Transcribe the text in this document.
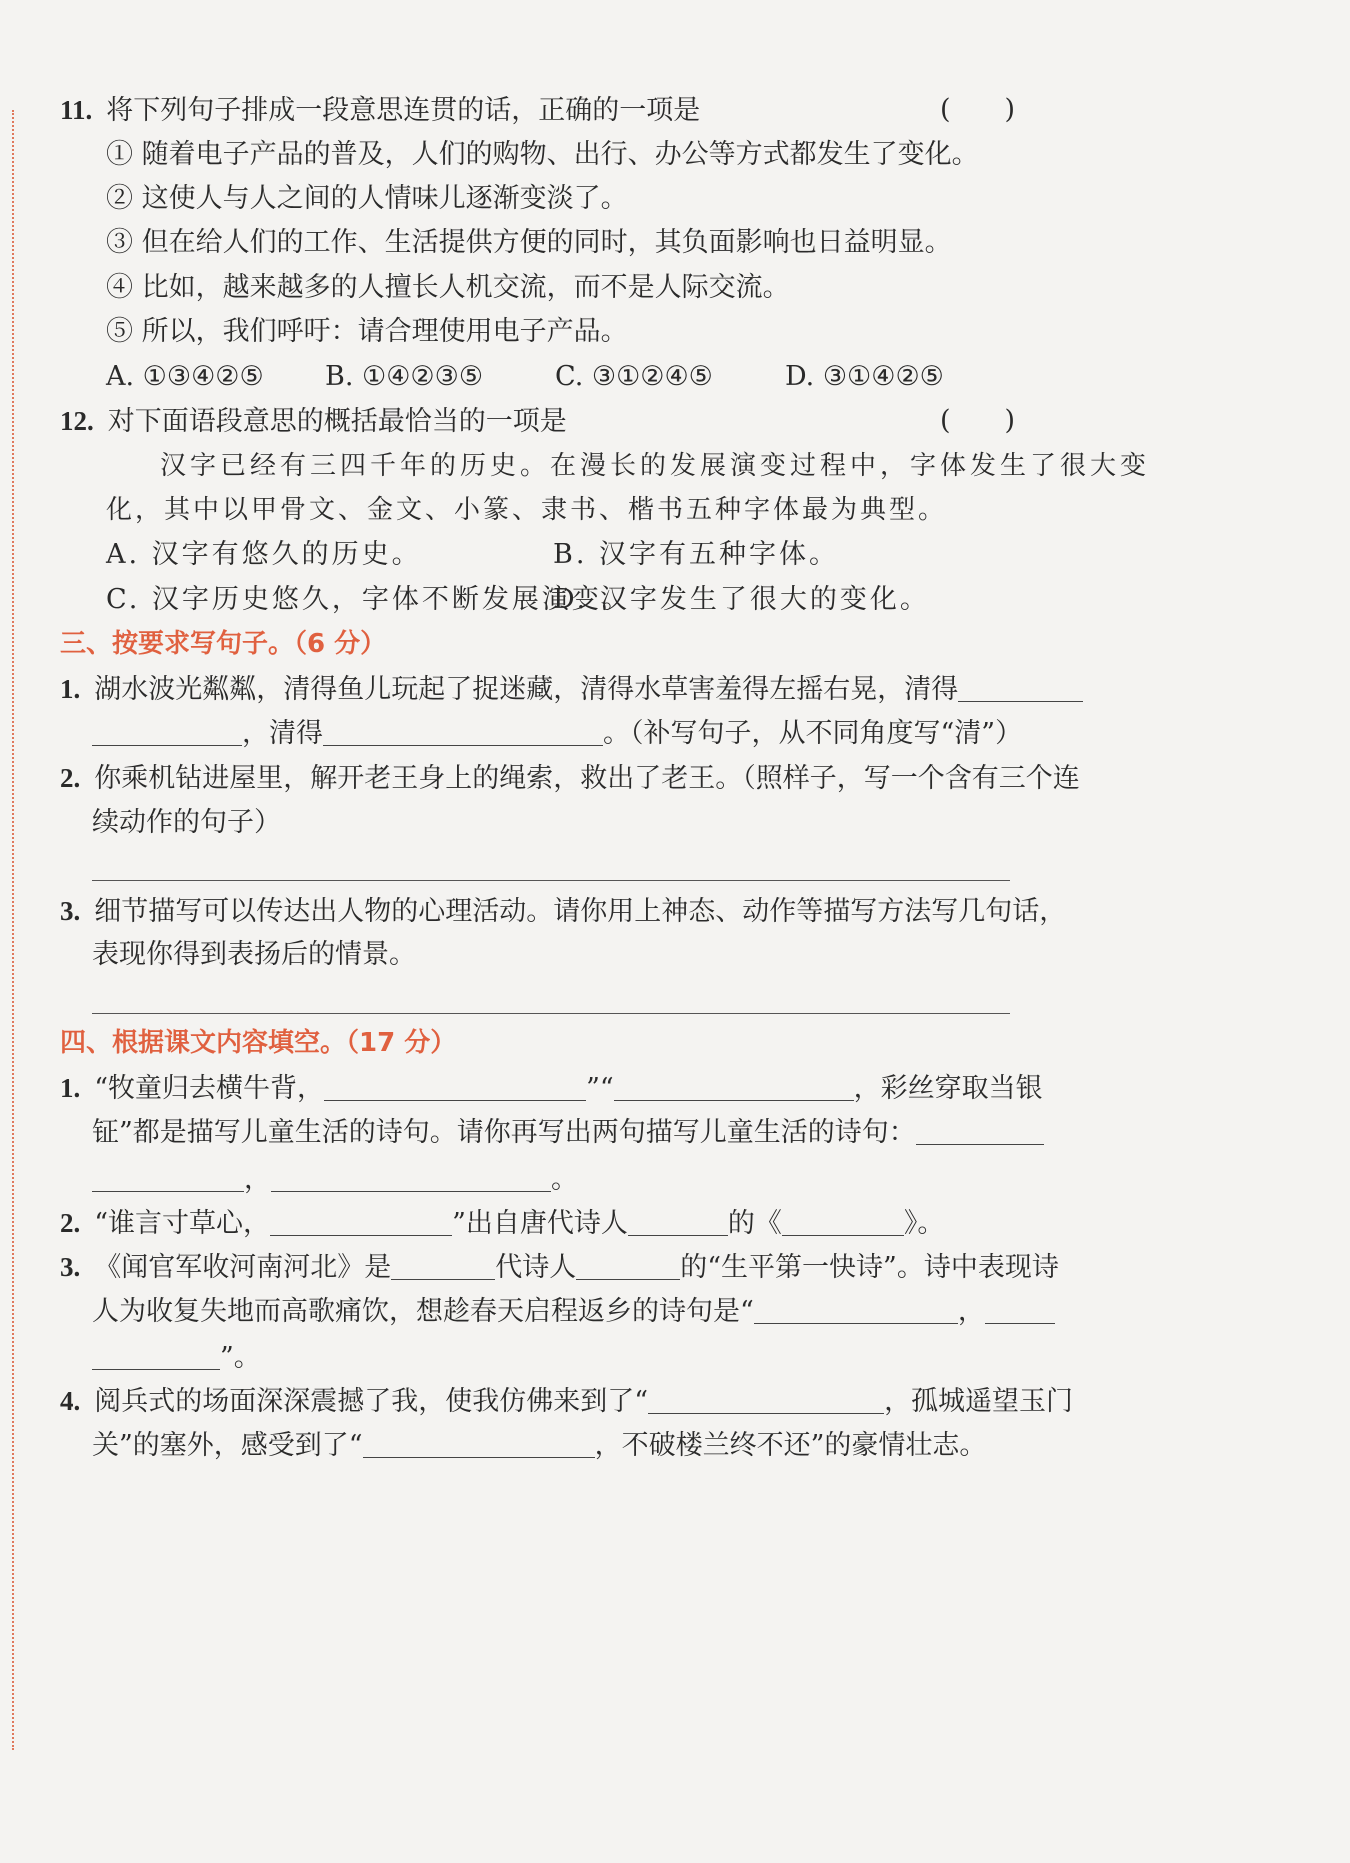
11. 将下列句子排成一段意思连贯的话，正确的一项是	()
① 随着电子产品的普及，人们的购物、出行、办公等方式都发生了变化。
② 这使人与人之间的人情味儿逐渐变淡了。
③ 但在给人们的工作、生活提供方便的同时，其负面影响也日益明显。
④ 比如，越来越多的人擅长人机交流，而不是人际交流。
⑤ 所以，我们呼吁：请合理使用电子产品。
A. ①③④②⑤ B. ①④②③⑤	C. ③①②④⑤	D. ③①④②⑤
12. 对下面语段意思的概括最恰当的一项是	()
汉字已经有三四千年的历史。在漫长的发展演变过程中，字体发生了很大变
化，其中以甲骨文、金文、小篆、隶书、楷书五种字体最为典型。
A. 汉字有悠久的历史。	B. 汉字有五种字体。
C. 汉字历史悠久，字体不断发展演变。
D. 汉字发生了很大的变化。
三、按要求写句子。（6 分）
1. 湖水波光粼粼，清得鱼儿玩起了捉迷藏，清得水草害羞得左摇右晃，清得
，清得	。（补写句子，从不同角度写“清”）
2. 你乘机钻进屋里，解开老王身上的绳索，救出了老王。（照样子，写一个含有三个连
续动作的句子）
3. 细节描写可以传达出人物的心理活动。请你用上神态、动作等描写方法写几句话，
表现你得到表扬后的情景。
四、根据课文内容填空。（17 分）
1. “牧童归去横牛背，	”“	，彩丝穿取当银
钲”都是描写儿童生活的诗句。请你再写出两句描写儿童生活的诗句：
，	。
2. “谁言寸草心，	”出自唐代诗人	的《	》。
3. 《闻官军收河南河北》是	代诗人	的“生平第一快诗”。诗中表现诗
人为收复失地而高歌痛饮，想趁春天启程返乡的诗句是“	，
”。
4. 阅兵式的场面深深震撼了我，使我仿佛来到了“	，孤城遥望玉门
关”的塞外，感受到了“	，不破楼兰终不还”的豪情壮志。
